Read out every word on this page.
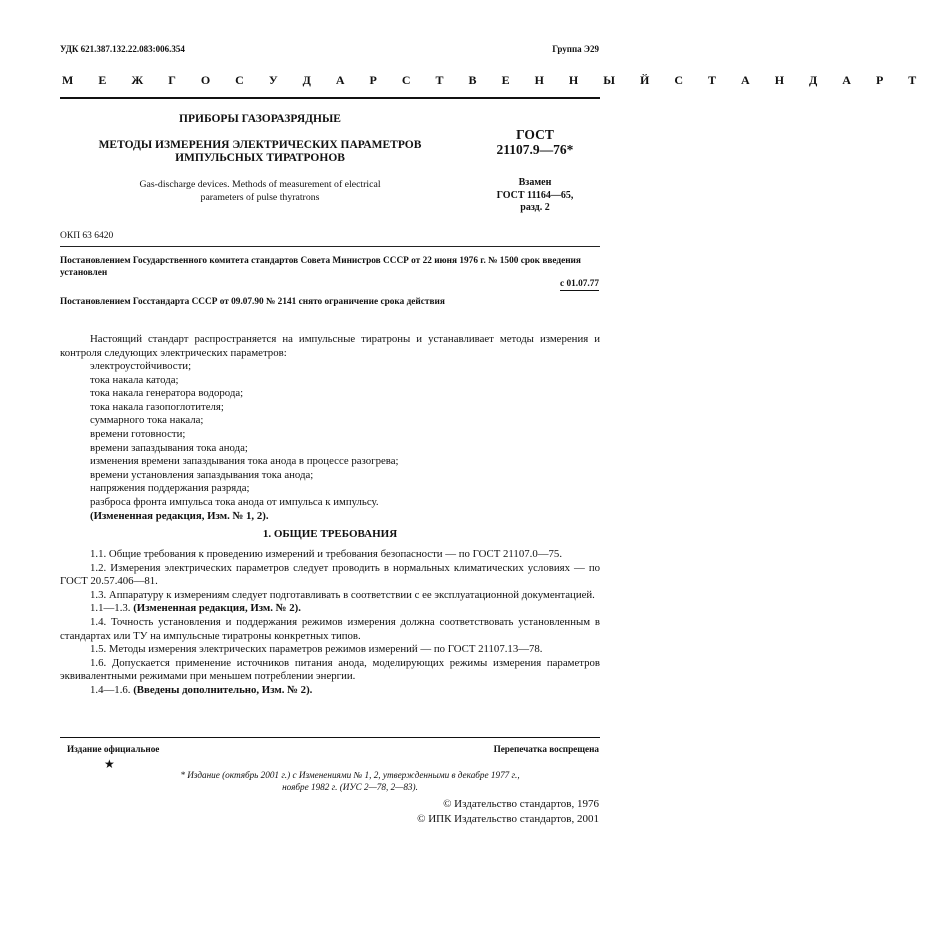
УДК 621.387.132.22.083:006.354	Группа Э29
М Е Ж Г О С У Д А Р С Т В Е Н Н Ы Й С Т А Н Д А Р Т
ПРИБОРЫ ГАЗОРАЗРЯДНЫЕ
МЕТОДЫ ИЗМЕРЕНИЯ ЭЛЕКТРИЧЕСКИХ ПАРАМЕТРОВ
ИМПУЛЬСНЫХ ТИРАТРОНОВ
Gas-discharge devices. Methods of measurement of electrical
parameters of pulse thyratrons
ГОСТ
21107.9—76*
Взамен
ГОСТ 11164—65,
разд. 2
ОКП 63 6420
Постановлением Государственного комитета стандартов Совета Министров СССР от 22 июня 1976 г. № 1500 срок введения установлен
с 01.07.77
Постановлением Госстандарта СССР от 09.07.90 № 2141 снято ограничение срока действия
Настоящий стандарт распространяется на импульсные тиратроны и устанавливает методы измерения и контроля следующих электрических параметров:
электроустойчивости;
тока накала катода;
тока накала генератора водорода;
тока накала газопоглотителя;
суммарного тока накала;
времени готовности;
времени запаздывания тока анода;
изменения времени запаздывания тока анода в процессе разогрева;
времени установления запаздывания тока анода;
напряжения поддержания разряда;
разброса фронта импульса тока анода от импульса к импульсу.
(Измененная редакция, Изм. № 1, 2).
1. ОБЩИЕ ТРЕБОВАНИЯ
1.1. Общие требования к проведению измерений и требования безопасности — по ГОСТ 21107.0—75.
1.2. Измерения электрических параметров следует проводить в нормальных климатических условиях — по ГОСТ 20.57.406—81.
1.3. Аппаратуру к измерениям следует подготавливать в соответствии с ее эксплуатационной документацией.
1.1—1.3. (Измененная редакция, Изм. № 2).
1.4. Точность установления и поддержания режимов измерения должна соответствовать установленным в стандартах или ТУ на импульсные тиратроны конкретных типов.
1.5. Методы измерения электрических параметров режимов измерений — по ГОСТ 21107.13—78.
1.6. Допускается применение источников питания анода, моделирующих режимы измерения параметров эквивалентными режимами при меньшем потреблении энергии.
1.4—1.6. (Введены дополнительно, Изм. № 2).
Издание официальное	Перепечатка воспрещена
★
* Издание (октябрь 2001 г.) с Изменениями № 1, 2, утвержденными в декабре 1977 г.,
ноябре 1982 г. (ИУС 2—78, 2—83).
© Издательство стандартов, 1976
© ИПК Издательство стандартов, 2001
